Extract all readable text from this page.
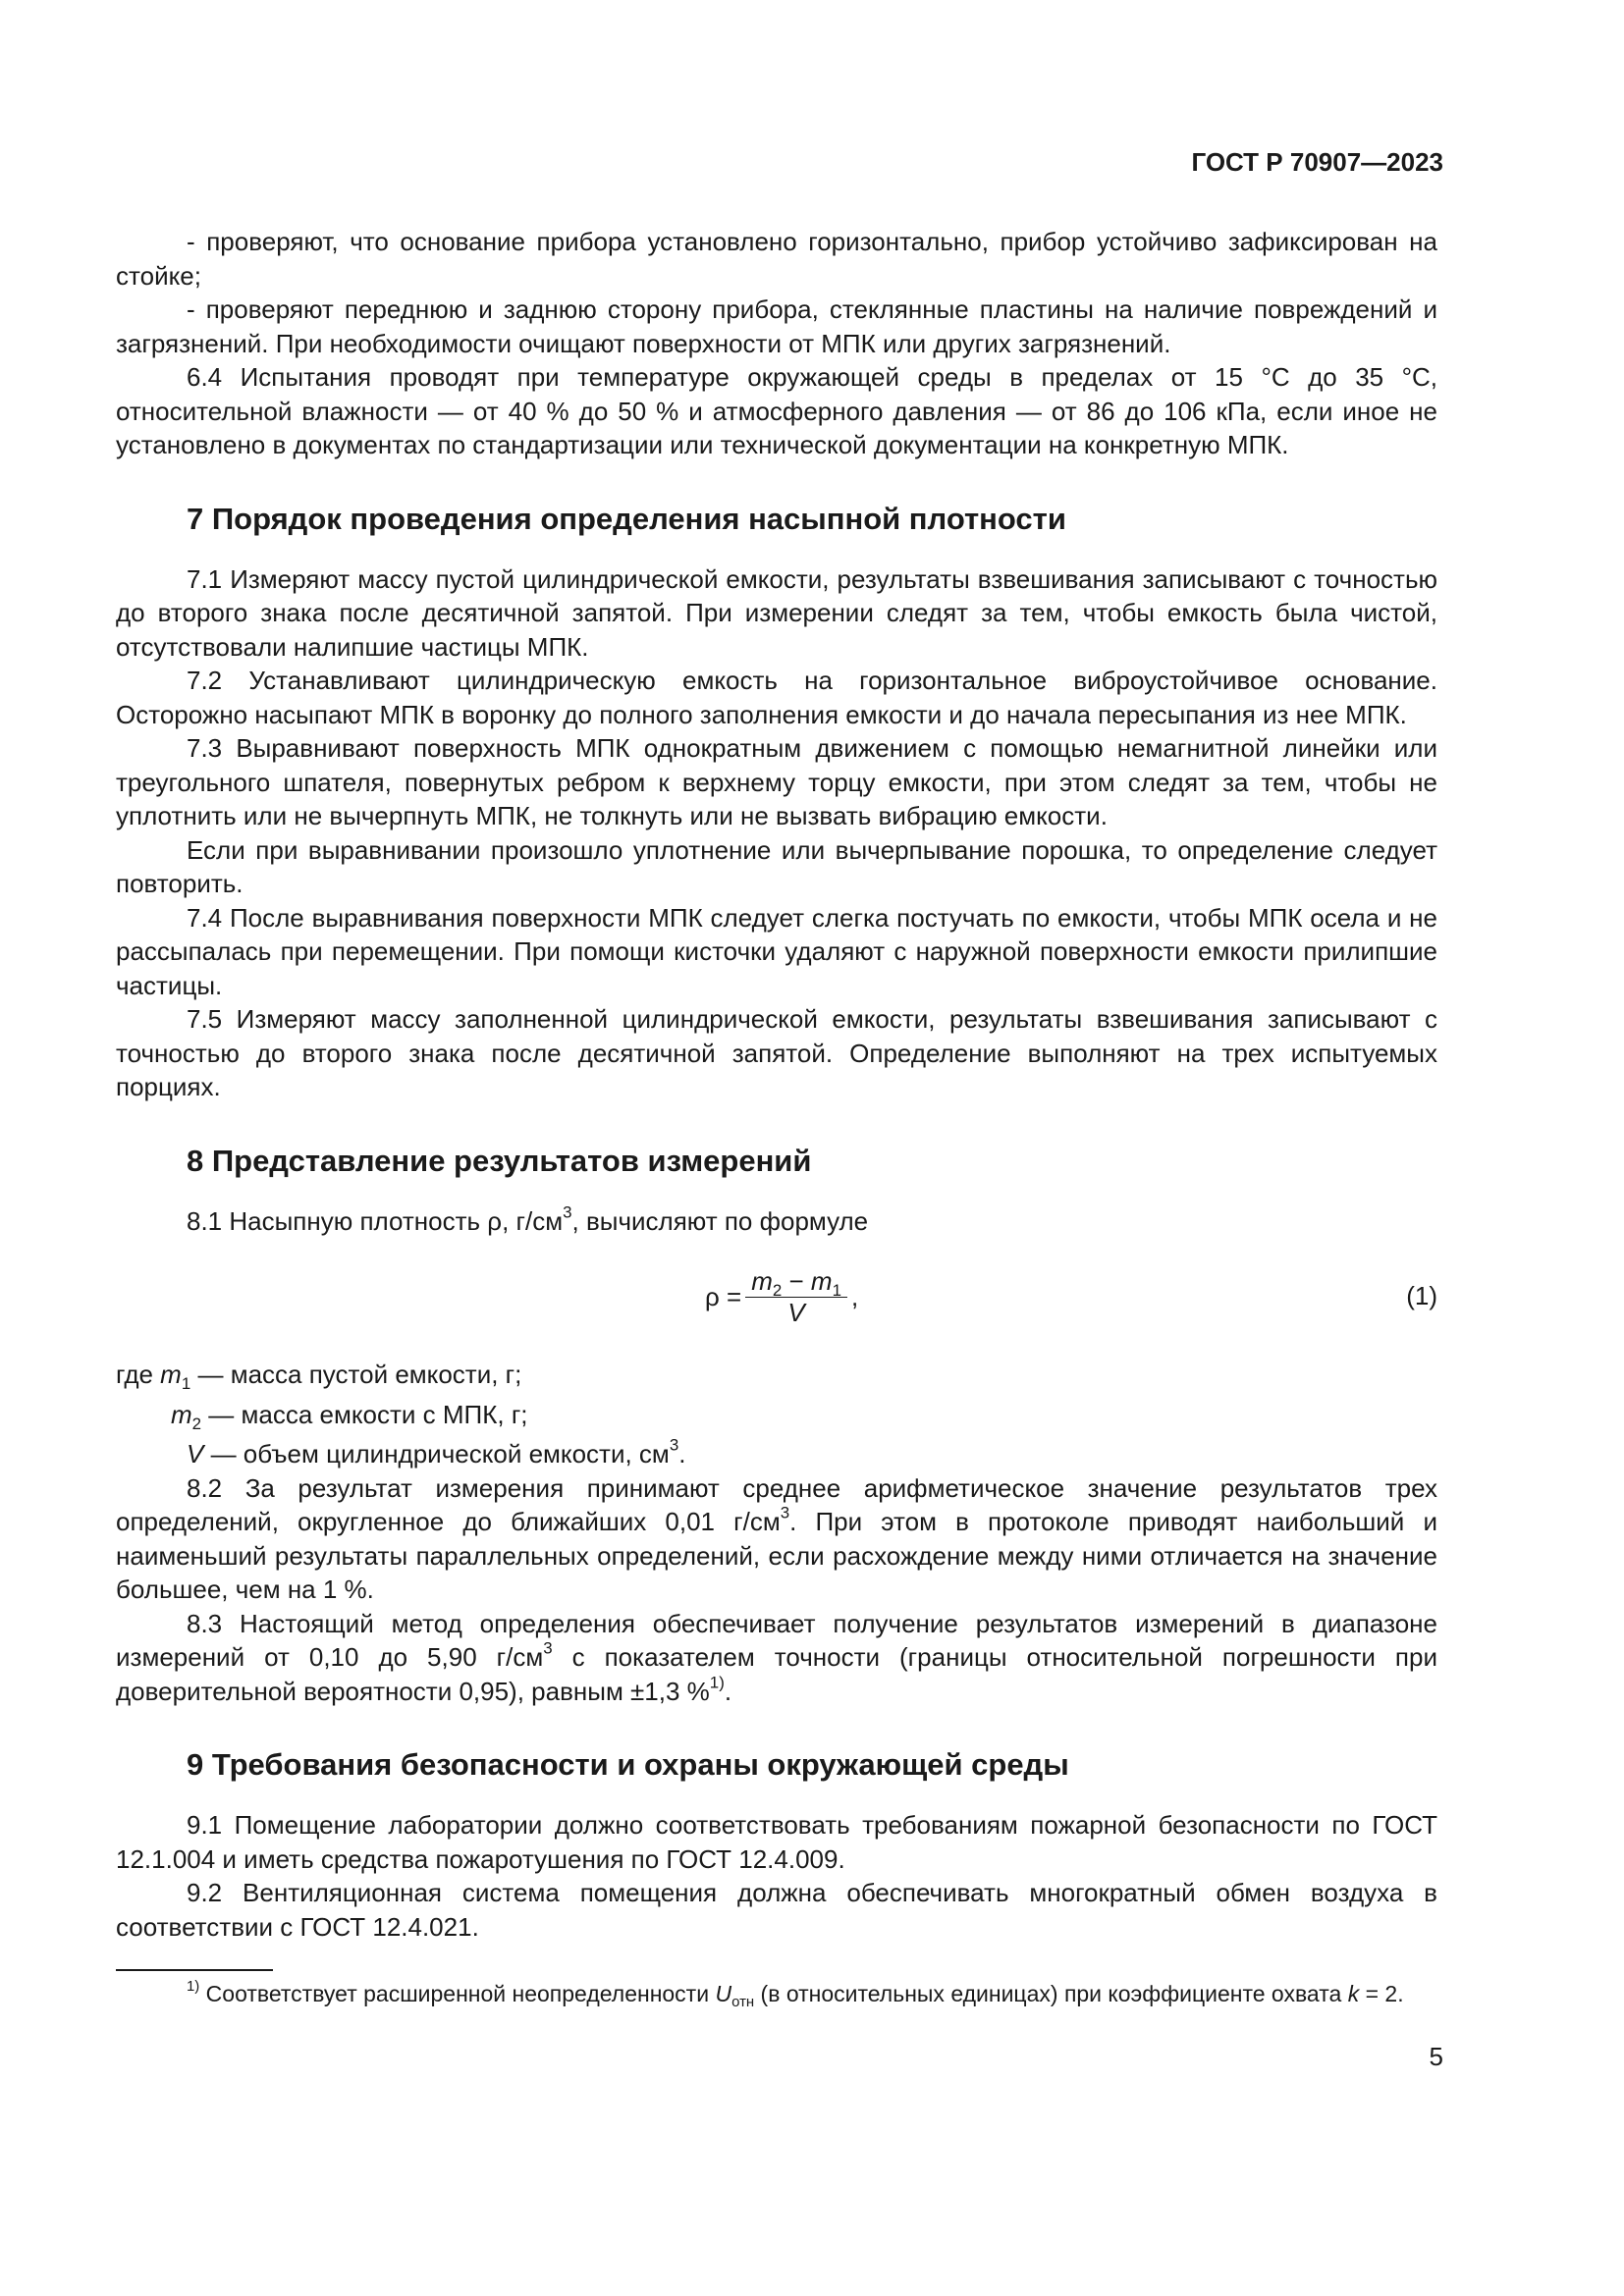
ГОСТ Р 70907—2023

- проверяют, что основание прибора установлено горизонтально, прибор устойчиво зафиксирован на стойке;

- проверяют переднюю и заднюю сторону прибора, стеклянные пластины на наличие повреждений и загрязнений. При необходимости очищают поверхности от МПК или других загрязнений.

6.4 Испытания проводят при температуре окружающей среды в пределах от 15 °C до 35 °C, относительной влажности — от 40 % до 50 % и атмосферного давления — от 86 до 106 кПа, если иное не установлено в документах по стандартизации или технической документации на конкретную МПК.

7 Порядок проведения определения насыпной плотности

7.1 Измеряют массу пустой цилиндрической емкости, результаты взвешивания записывают с точностью до второго знака после десятичной запятой. При измерении следят за тем, чтобы емкость была чистой, отсутствовали налипшие частицы МПК.

7.2 Устанавливают цилиндрическую емкость на горизонтальное виброустойчивое основание. Осторожно насыпают МПК в воронку до полного заполнения емкости и до начала пересыпания из нее МПК.

7.3 Выравнивают поверхность МПК однократным движением с помощью немагнитной линейки или треугольного шпателя, повернутых ребром к верхнему торцу емкости, при этом следят за тем, чтобы не уплотнить или не вычерпнуть МПК, не толкнуть или не вызвать вибрацию емкости.

Если при выравнивании произошло уплотнение или вычерпывание порошка, то определение следует повторить.

7.4 После выравнивания поверхности МПК следует слегка постучать по емкости, чтобы МПК осела и не рассыпалась при перемещении. При помощи кисточки удаляют с наружной поверхности емкости прилипшие частицы.

7.5 Измеряют массу заполненной цилиндрической емкости, результаты взвешивания записывают с точностью до второго знака после десятичной запятой. Определение выполняют на трех испытуемых порциях.

8 Представление результатов измерений

8.1 Насыпную плотность ρ, $г/см^3$, вычисляют по формуле

$\rho = \frac{m_2 - m_1}{V}$ ,	(1)

где $m_1$ — масса пустой емкости, г;

$m_2$ — масса емкости с МПК, г;

V — объем цилиндрической емкости, $см^3$.

8.2 За результат измерения принимают среднее арифметическое значение результатов трех определений, округленное до ближайших 0,01 $г/см^3$. При этом в протоколе приводят наибольший и наименьший результаты параллельных определений, если расхождение между ними отличается на значение большее, чем на 1 %.

8.3 Настоящий метод определения обеспечивает получение результатов измерений в диапазоне измерений от 0,10 до 5,90 $г/см^3$ с показателем точности (границы относительной погрешности при доверительной вероятности 0,95), равным ±1,3 %$^{1)}$.

9 Требования безопасности и охраны окружающей среды

9.1 Помещение лаборатории должно соответствовать требованиям пожарной безопасности по ГОСТ 12.1.004 и иметь средства пожаротушения по ГОСТ 12.4.009.

9.2 Вентиляционная система помещения должна обеспечивать многократный обмен воздуха в соответствии с ГОСТ 12.4.021.

$^{1)}$ Соответствует расширенной неопределенности $U_{отн}$ (в относительных единицах) при коэффициенте охвата k = 2.

5
